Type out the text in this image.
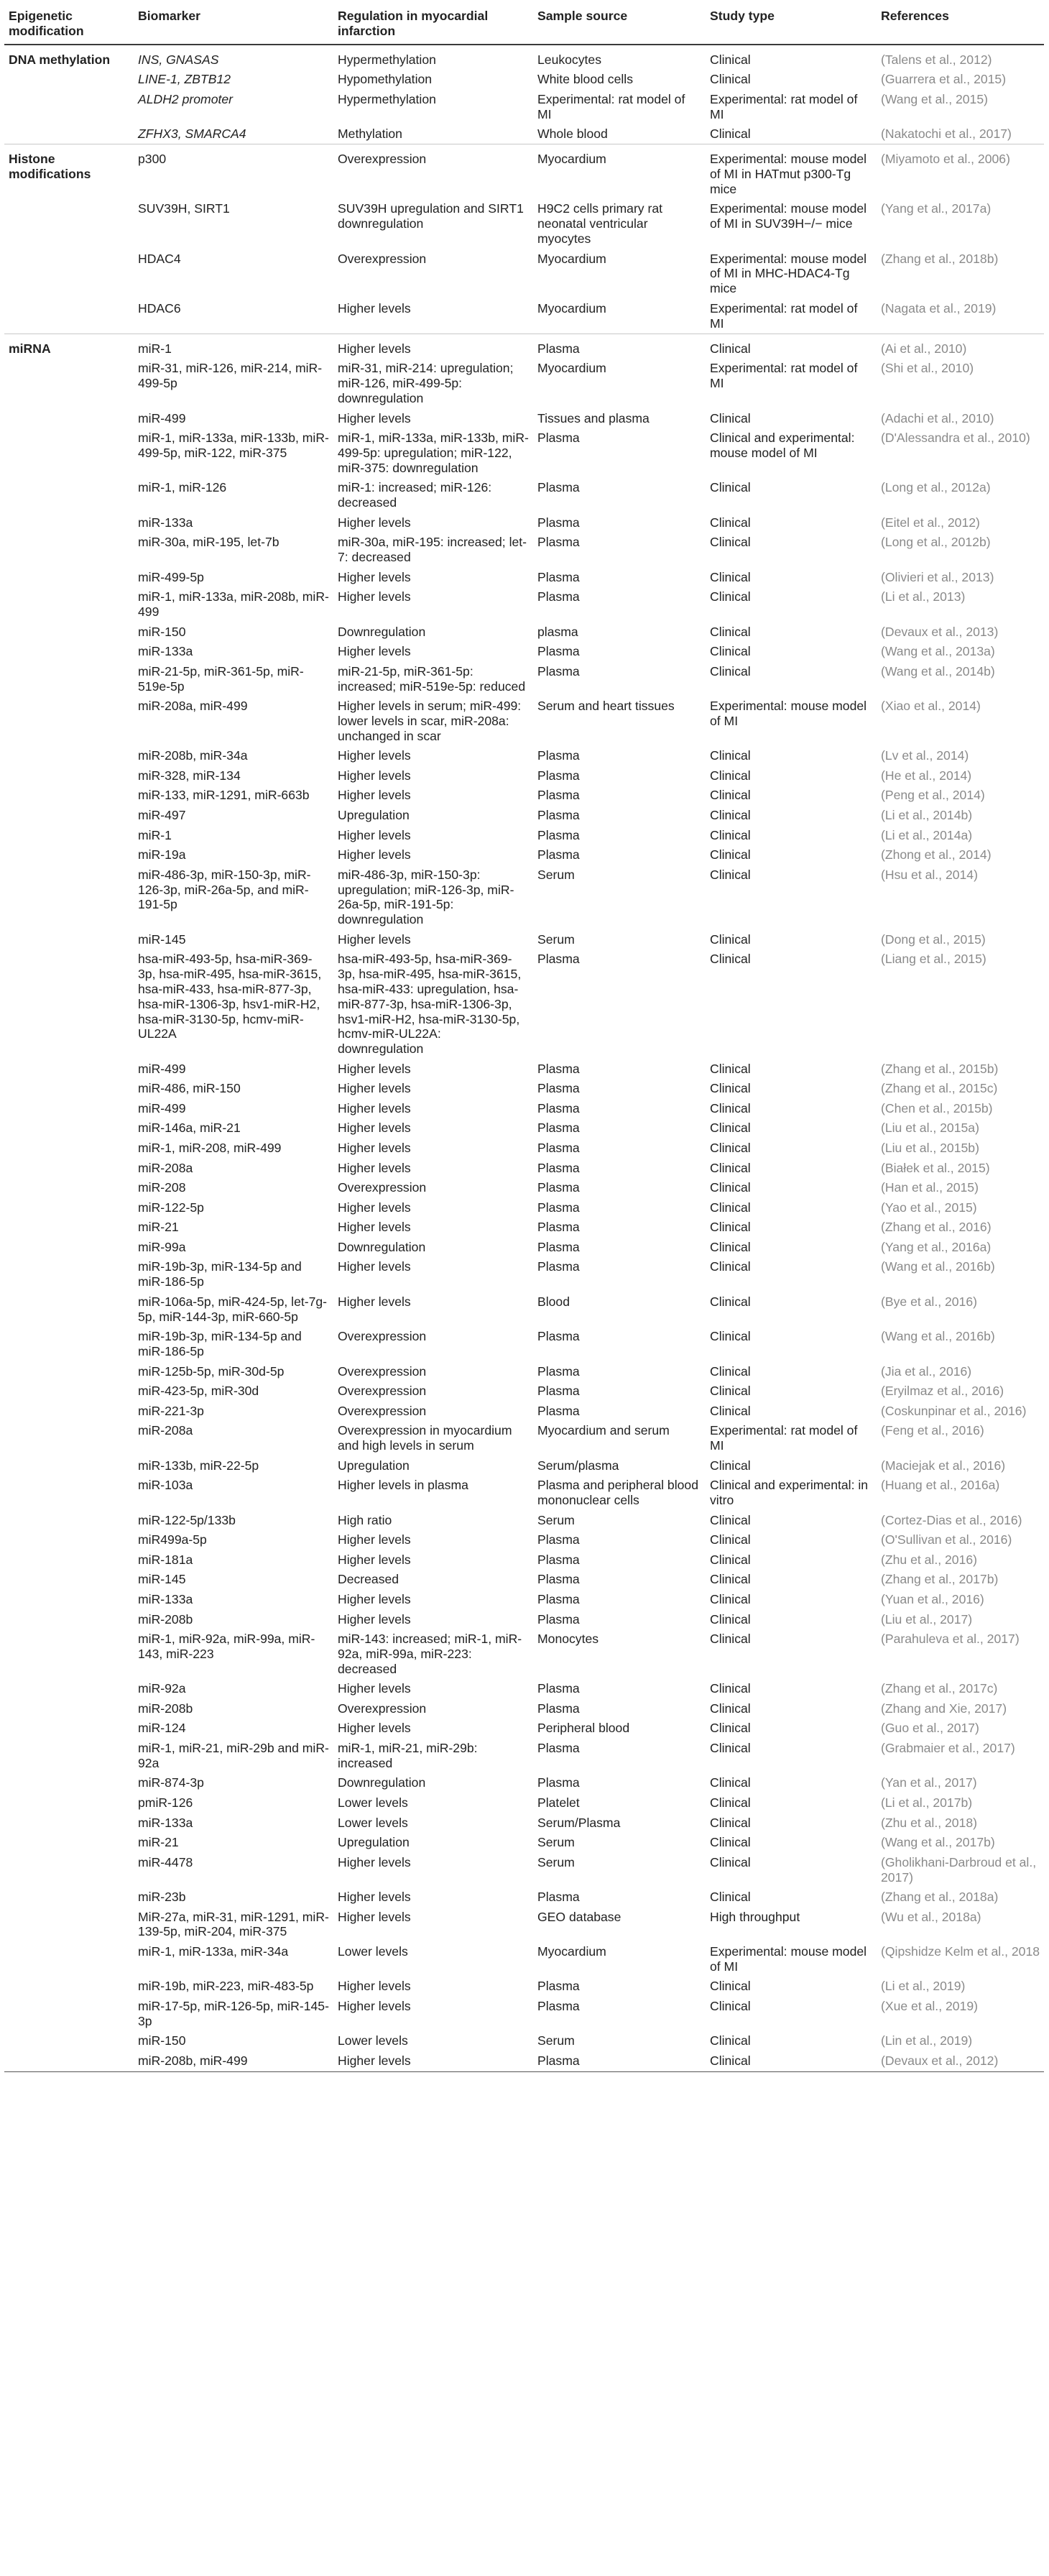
Epigenetic modification	Biomarker	Regulation in myocardial infarction	Sample source	Study type	References
DNA methylation	INS, GNASAS	Hypermethylation	Leukocytes	Clinical	(Talens et al., 2012)
	LINE-1, ZBTB12	Hypomethylation	White blood cells	Clinical	(Guarrera et al., 2015)
	ALDH2 promoter	Hypermethylation	Experimental: rat model of MI	Experimental: rat model of MI	(Wang et al., 2015)
	ZFHX3, SMARCA4	Methylation	Whole blood	Clinical	(Nakatochi et al., 2017)
Histone modifications	p300	Overexpression	Myocardium	Experimental: mouse model of MI in HATmut p300-Tg mice	(Miyamoto et al., 2006)
	SUV39H, SIRT1	SUV39H upregulation and SIRT1 downregulation	H9C2 cells primary rat neonatal ventricular myocytes	Experimental: mouse model of MI in SUV39H−/− mice	(Yang et al., 2017a)
	HDAC4	Overexpression	Myocardium	Experimental: mouse model of MI in MHC-HDAC4-Tg mice	(Zhang et al., 2018b)
	HDAC6	Higher levels	Myocardium	Experimental: rat model of MI	(Nagata et al., 2019)
miRNA	miR-1	Higher levels	Plasma	Clinical	(Ai et al., 2010)
	miR-31, miR-126, miR-214, miR-499-5p	miR-31, miR-214: upregulation; miR-126, miR-499-5p: downregulation	Myocardium	Experimental: rat model of MI	(Shi et al., 2010)
	miR-499	Higher levels	Tissues and plasma	Clinical	(Adachi et al., 2010)
	miR-1, miR-133a, miR-133b, miR-499-5p, miR-122, miR-375	miR-1, miR-133a, miR-133b, miR-499-5p: upregulation; miR-122, miR-375: downregulation	Plasma	Clinical and experimental: mouse model of MI	(D'Alessandra et al., 2010)
	miR-1, miR-126	miR-1: increased; miR-126: decreased	Plasma	Clinical	(Long et al., 2012a)
	miR-133a	Higher levels	Plasma	Clinical	(Eitel et al., 2012)
	miR-30a, miR-195, let-7b	miR-30a, miR-195: increased; let-7: decreased	Plasma	Clinical	(Long et al., 2012b)
	miR-499-5p	Higher levels	Plasma	Clinical	(Olivieri et al., 2013)
	miR-1, miR-133a, miR-208b, miR-499	Higher levels	Plasma	Clinical	(Li et al., 2013)
	miR-150	Downregulation	plasma	Clinical	(Devaux et al., 2013)
	miR-133a	Higher levels	Plasma	Clinical	(Wang et al., 2013a)
	miR-21-5p, miR-361-5p, miR-519e-5p	miR-21-5p, miR-361-5p: increased; miR-519e-5p: reduced	Plasma	Clinical	(Wang et al., 2014b)
	miR-208a, miR-499	Higher levels in serum; miR-499: lower levels in scar, miR-208a: unchanged in scar	Serum and heart tissues	Experimental: mouse model of MI	(Xiao et al., 2014)
	miR-208b, miR-34a	Higher levels	Plasma	Clinical	(Lv et al., 2014)
	miR-328, miR-134	Higher levels	Plasma	Clinical	(He et al., 2014)
	miR-133, miR-1291, miR-663b	Higher levels	Plasma	Clinical	(Peng et al., 2014)
	miR-497	Upregulation	Plasma	Clinical	(Li et al., 2014b)
	miR-1	Higher levels	Plasma	Clinical	(Li et al., 2014a)
	miR-19a	Higher levels	Plasma	Clinical	(Zhong et al., 2014)
	miR-486-3p, miR-150-3p, miR-126-3p, miR-26a-5p, and miR-191-5p	miR-486-3p, miR-150-3p: upregulation; miR-126-3p, miR-26a-5p, miR-191-5p: downregulation	Serum	Clinical	(Hsu et al., 2014)
	miR-145	Higher levels	Serum	Clinical	(Dong et al., 2015)
	hsa-miR-493-5p, hsa-miR-369-3p, hsa-miR-495, hsa-miR-3615, hsa-miR-433, hsa-miR-877-3p, hsa-miR-1306-3p, hsv1-miR-H2, hsa-miR-3130-5p, hcmv-miR-UL22A	hsa-miR-493-5p, hsa-miR-369-3p, hsa-miR-495, hsa-miR-3615, hsa-miR-433: upregulation, hsa-miR-877-3p, hsa-miR-1306-3p, hsv1-miR-H2, hsa-miR-3130-5p, hcmv-miR-UL22A: downregulation	Plasma	Clinical	(Liang et al., 2015)
	miR-499	Higher levels	Plasma	Clinical	(Zhang et al., 2015b)
	miR-486, miR-150	Higher levels	Plasma	Clinical	(Zhang et al., 2015c)
	miR-499	Higher levels	Plasma	Clinical	(Chen et al., 2015b)
	miR-146a, miR-21	Higher levels	Plasma	Clinical	(Liu et al., 2015a)
	miR-1, miR-208, miR-499	Higher levels	Plasma	Clinical	(Liu et al., 2015b)
	miR-208a	Higher levels	Plasma	Clinical	(Białek et al., 2015)
	miR-208	Overexpression	Plasma	Clinical	(Han et al., 2015)
	miR-122-5p	Higher levels	Plasma	Clinical	(Yao et al., 2015)
	miR-21	Higher levels	Plasma	Clinical	(Zhang et al., 2016)
	miR-99a	Downregulation	Plasma	Clinical	(Yang et al., 2016a)
	miR-19b-3p, miR-134-5p and miR-186-5p	Higher levels	Plasma	Clinical	(Wang et al., 2016b)
	miR-106a-5p, miR-424-5p, let-7g-5p, miR-144-3p, miR-660-5p	Higher levels	Blood	Clinical	(Bye et al., 2016)
	miR-19b-3p, miR-134-5p and miR-186-5p	Overexpression	Plasma	Clinical	(Wang et al., 2016b)
	miR-125b-5p, miR-30d-5p	Overexpression	Plasma	Clinical	(Jia et al., 2016)
	miR-423-5p, miR-30d	Overexpression	Plasma	Clinical	(Eryilmaz et al., 2016)
	miR-221-3p	Overexpression	Plasma	Clinical	(Coskunpinar et al., 2016)
	miR-208a	Overexpression in myocardium and high levels in serum	Myocardium and serum	Experimental: rat model of MI	(Feng et al., 2016)
	miR-133b, miR-22-5p	Upregulation	Serum/plasma	Clinical	(Maciejak et al., 2016)
	miR-103a	Higher levels in plasma	Plasma and peripheral blood mononuclear cells	Clinical and experimental: in vitro	(Huang et al., 2016a)
	miR-122-5p/133b	High ratio	Serum	Clinical	(Cortez-Dias et al., 2016)
	miR499a-5p	Higher levels	Plasma	Clinical	(O'Sullivan et al., 2016)
	miR-181a	Higher levels	Plasma	Clinical	(Zhu et al., 2016)
	miR-145	Decreased	Plasma	Clinical	(Zhang et al., 2017b)
	miR-133a	Higher levels	Plasma	Clinical	(Yuan et al., 2016)
	miR-208b	Higher levels	Plasma	Clinical	(Liu et al., 2017)
	miR-1, miR-92a, miR-99a, miR-143, miR-223	miR-143: increased; miR-1, miR-92a, miR-99a, miR-223: decreased	Monocytes	Clinical	(Parahuleva et al., 2017)
	miR-92a	Higher levels	Plasma	Clinical	(Zhang et al., 2017c)
	miR-208b	Overexpression	Plasma	Clinical	(Zhang and Xie, 2017)
	miR-124	Higher levels	Peripheral blood	Clinical	(Guo et al., 2017)
	miR-1, miR-21, miR-29b and miR-92a	miR-1, miR-21, miR-29b: increased	Plasma	Clinical	(Grabmaier et al., 2017)
	miR-874-3p	Downregulation	Plasma	Clinical	(Yan et al., 2017)
	pmiR-126	Lower levels	Platelet	Clinical	(Li et al., 2017b)
	miR-133a	Lower levels	Serum/Plasma	Clinical	(Zhu et al., 2018)
	miR-21	Upregulation	Serum	Clinical	(Wang et al., 2017b)
	miR-4478	Higher levels	Serum	Clinical	(Gholikhani-Darbroud et al., 2017)
	miR-23b	Higher levels	Plasma	Clinical	(Zhang et al., 2018a)
	MiR-27a, miR-31, miR-1291, miR-139-5p, miR-204, miR-375	Higher levels	GEO database	High throughput	(Wu et al., 2018a)
	miR-1, miR-133a, miR-34a	Lower levels	Myocardium	Experimental: mouse model of MI	(Qipshidze Kelm et al., 2018
	miR-19b, miR-223, miR-483-5p	Higher levels	Plasma	Clinical	(Li et al., 2019)
	miR-17-5p, miR-126-5p, miR-145-3p	Higher levels	Plasma	Clinical	(Xue et al., 2019)
	miR-150	Lower levels	Serum	Clinical	(Lin et al., 2019)
	miR-208b, miR-499	Higher levels	Plasma	Clinical	(Devaux et al., 2012)
